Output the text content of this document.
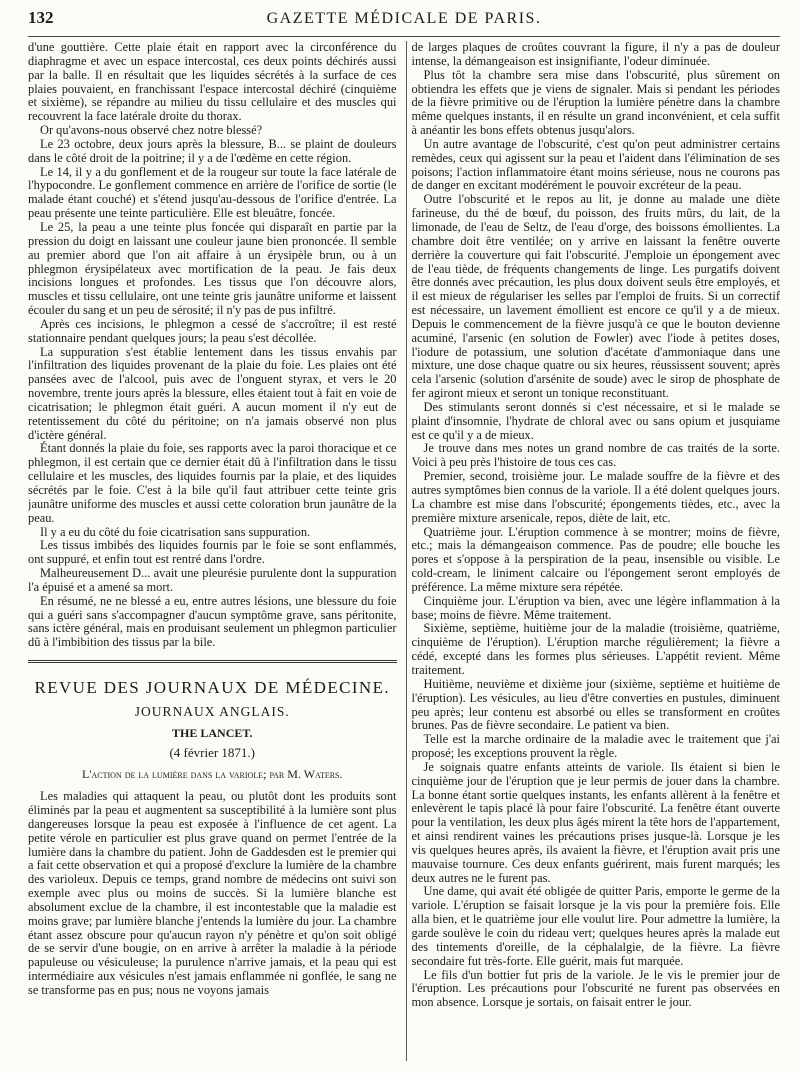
132	GAZETTE MÉDICALE DE PARIS.

d'une gouttière. Cette plaie était en rapport avec la circonférence du diaphragme et avec un espace intercostal, ces deux points déchirés aussi par la balle. Il en résultait que les liquides sécrétés à la surface de ces plaies pouvaient, en franchissant l'espace intercostal déchiré (cinquième et sixième), se répandre au milieu du tissu cellulaire et des muscles qui recouvrent la face latérale droite du thorax.

Or qu'avons-nous observé chez notre blessé?

Le 23 octobre, deux jours après la blessure, B... se plaint de douleurs dans le côté droit de la poitrine; il y a de l'œdème en cette région.

Le 14, il y a du gonflement et de la rougeur sur toute la face latérale de l'hypocondre. Le gonflement commence en arrière de l'orifice de sortie (le malade étant couché) et s'étend jusqu'au-dessous de l'orifice d'entrée. La peau présente une teinte particulière. Elle est bleuâtre, foncée.

Le 25, la peau a une teinte plus foncée qui disparaît en partie par la pression du doigt en laissant une couleur jaune bien prononcée. Il semble au premier abord que l'on ait affaire à un érysipèle brun, ou à un phlegmon érysipélateux avec mortification de la peau. Je fais deux incisions longues et profondes. Les tissus que l'on découvre alors, muscles et tissu cellulaire, ont une teinte gris jaunâtre uniforme et laissent écouler du sang et un peu de sérosité; il n'y pas de pus infiltré.

Après ces incisions, le phlegmon a cessé de s'accroître; il est resté stationnaire pendant quelques jours; la peau s'est décollée.

La suppuration s'est établie lentement dans les tissus envahis par l'infiltration des liquides provenant de la plaie du foie. Les plaies ont été pansées avec de l'alcool, puis avec de l'onguent styrax, et vers le 20 novembre, trente jours après la blessure, elles étaient tout à fait en voie de cicatrisation; le phlegmon était guéri. A aucun moment il n'y eut de retentissement du côté du péritoine; on n'a jamais observé non plus d'ictère général.

Étant donnés la plaie du foie, ses rapports avec la paroi thoracique et ce phlegmon, il est certain que ce dernier était dû à l'infiltration dans le tissu cellulaire et les muscles, des liquides fournis par la plaie, et des liquides sécrétés par le foie. C'est à la bile qu'il faut attribuer cette teinte gris jaunâtre uniforme des muscles et aussi cette coloration brun jaunâtre de la peau.

Il y a eu du côté du foie cicatrisation sans suppuration.

Les tissus imbibés des liquides fournis par le foie se sont enflammés, ont suppuré, et enfin tout est rentré dans l'ordre.

Malheureusement D... avait une pleurésie purulente dont la suppuration l'a épuisé et a amené sa mort.

En résumé, ne ne blessé a eu, entre autres lésions, une blessure du foie qui a guéri sans s'accompagner d'aucun symptôme grave, sans péritonite, sans ictère général, mais en produisant seulement un phlegmon particulier dû à l'imbibition des tissus par la bile.

REVUE DES JOURNAUX DE MÉDECINE.
JOURNAUX ANGLAIS.
THE LANCET.
(4 février 1871.)
L'action de la lumière dans la variole; par M. Waters.

Les maladies qui attaquent la peau, ou plutôt dont les produits sont éliminés par la peau et augmentent sa susceptibilité à la lumière sont plus dangereuses lorsque la peau est exposée à l'influence de cet agent. La petite vérole en particulier est plus grave quand on permet l'entrée de la lumière dans la chambre du patient. John de Gaddesden est le premier qui a fait cette observation et qui a proposé d'exclure la lumière de la chambre des varioleux. Depuis ce temps, grand nombre de médecins ont suivi son exemple avec plus ou moins de succès. Si la lumière blanche est absolument exclue de la chambre, il est incontestable que la maladie est moins grave; par lumière blanche j'entends la lumière du jour. La chambre étant assez obscure pour qu'aucun rayon n'y pénètre et qu'on soit obligé de se servir d'une bougie, on en arrive à arrêter la maladie à la période papuleuse ou vésiculeuse; la purulence n'arrive jamais, et la peau qui est intermédiaire aux vésicules n'est jamais enflammée ni gonflée, le sang ne se transforme pas en pus; nous ne voyons jamais

de larges plaques de croûtes couvrant la figure, il n'y a pas de douleur intense, la démangeaison est insignifiante, l'odeur diminuée.

Plus tôt la chambre sera mise dans l'obscurité, plus sûrement on obtiendra les effets que je viens de signaler. Mais si pendant les périodes de la fièvre primitive ou de l'éruption la lumière pénètre dans la chambre même quelques instants, il en résulte un grand inconvénient, et cela suffit à anéantir les bons effets obtenus jusqu'alors.

Un autre avantage de l'obscurité, c'est qu'on peut administrer certains remèdes, ceux qui agissent sur la peau et l'aident dans l'élimination de ses poisons; l'action inflammatoire étant moins sérieuse, nous ne courons pas de danger en excitant modérément le pouvoir excréteur de la peau.

Outre l'obscurité et le repos au lit, je donne au malade une diète farineuse, du thé de bœuf, du poisson, des fruits mûrs, du lait, de la limonade, de l'eau de Seltz, de l'eau d'orge, des boissons émollientes. La chambre doit être ventilée; on y arrive en laissant la fenêtre ouverte derrière la couverture qui fait l'obscurité. J'emploie un épongement avec de l'eau tiède, de fréquents changements de linge. Les purgatifs doivent être donnés avec précaution, les plus doux doivent seuls être employés, et il est mieux de régulariser les selles par l'emploi de fruits. Si un correctif est nécessaire, un lavement émollient est encore ce qu'il y a de mieux. Depuis le commencement de la fièvre jusqu'à ce que le bouton devienne acuminé, l'arsenic (en solution de Fowler) avec l'iode à petites doses, l'iodure de potassium, une solution d'acétate d'ammoniaque dans une mixture, une dose chaque quatre ou six heures, réussissent souvent; après cela l'arsenic (solution d'arsénite de soude) avec le sirop de phosphate de fer agiront mieux et seront un tonique reconstituant.

Des stimulants seront donnés si c'est nécessaire, et si le malade se plaint d'insomnie, l'hydrate de chloral avec ou sans opium et jusquiame est ce qu'il y a de mieux.

Je trouve dans mes notes un grand nombre de cas traités de la sorte. Voici à peu près l'histoire de tous ces cas.

Premier, second, troisième jour. Le malade souffre de la fièvre et des autres symptômes bien connus de la variole. Il a été dolent quelques jours. La chambre est mise dans l'obscurité; épongements tièdes, etc., avec la première mixture arsenicale, repos, diète de lait, etc.

Quatrième jour. L'éruption commence à se montrer; moins de fièvre, etc.; mais la démangeaison commence. Pas de poudre; elle bouche les pores et s'oppose à la perspiration de la peau, insensible ou visible. Le cold-cream, le liniment calcaire ou l'épongement seront employés de préférence. La même mixture sera répétée.

Cinquième jour. L'éruption va bien, avec une légère inflammation à la base; moins de fièvre. Même traitement.

Sixième, septième, huitième jour de la maladie (troisième, quatrième, cinquième de l'éruption). L'éruption marche régulièrement; la fièvre a cédé, excepté dans les formes plus sérieuses. L'appétit revient. Même traitement.

Huitième, neuvième et dixième jour (sixième, septième et huitième de l'éruption). Les vésicules, au lieu d'être converties en pustules, diminuent peu après; leur contenu est absorbé ou elles se transforment en croûtes brunes. Pas de fièvre secondaire. Le patient va bien.

Telle est la marche ordinaire de la maladie avec le traitement que j'ai proposé; les exceptions prouvent la règle.

Je soignais quatre enfants atteints de variole. Ils étaient si bien le cinquième jour de l'éruption que je leur permis de jouer dans la chambre. La bonne étant sortie quelques instants, les enfants allèrent à la fenêtre et enlevèrent le tapis placé là pour faire l'obscurité. La fenêtre étant ouverte pour la ventilation, les deux plus âgés mirent la tête hors de l'appartement, et ainsi rendirent vaines les précautions prises jusque-là. Lorsque je les vis quelques heures après, ils avaient la fièvre, et l'éruption avait pris une mauvaise tournure. Ces deux enfants guérirent, mais furent marqués; les deux autres ne le furent pas.

Une dame, qui avait été obligée de quitter Paris, emporte le germe de la variole. L'éruption se faisait lorsque je la vis pour la première fois. Elle alla bien, et le quatrième jour elle voulut lire. Pour admettre la lumière, la garde soulève le coin du rideau vert; quelques heures après la malade eut des tintements d'oreille, de la céphalalgie, de la fièvre. La fièvre secondaire fut très-forte. Elle guérit, mais fut marquée.

Le fils d'un bottier fut pris de la variole. Je le vis le premier jour de l'éruption. Les précautions pour l'obscurité ne furent pas observées en mon absence. Lorsque je sortais, on faisait entrer le jour.
